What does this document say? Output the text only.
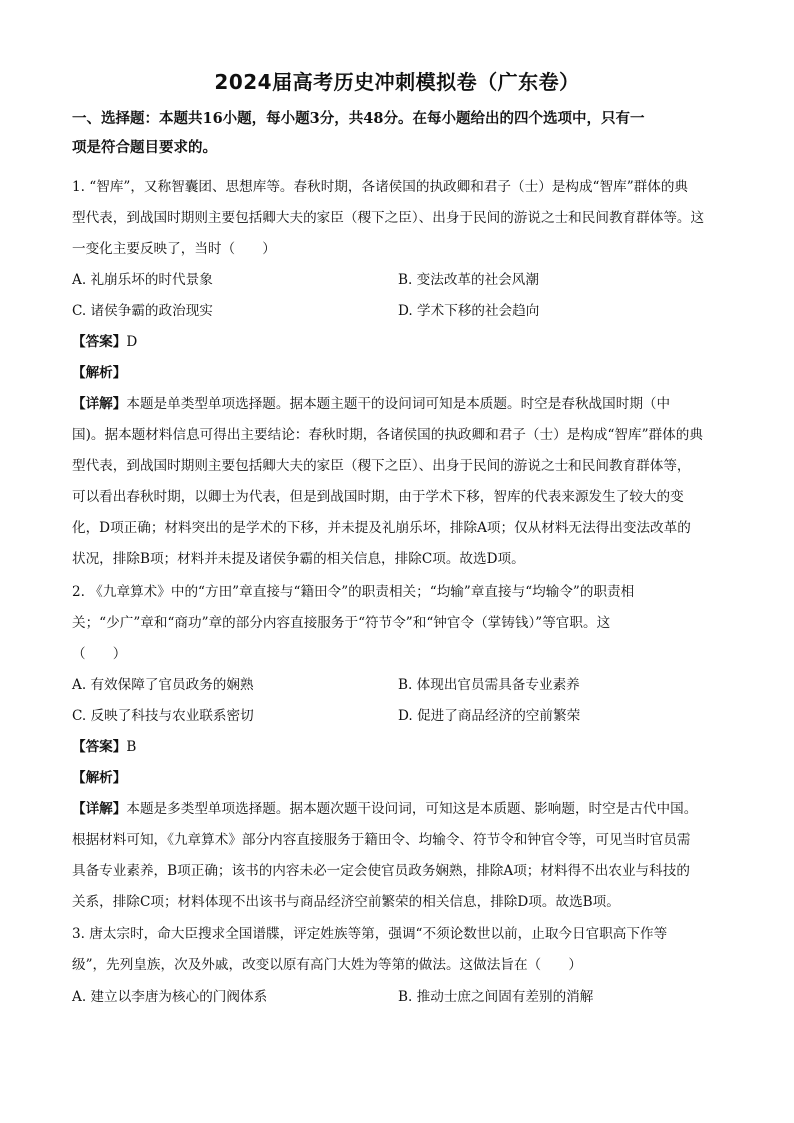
2024届高考历史冲刺模拟卷（广东卷）
一、选择题：本题共16小题，每小题3分，共48分。在每小题给出的四个选项中，只有一
项是符合题目要求的。
1. “智库”，又称智囊团、思想库等。春秋时期，各诸侯国的执政卿和君子（士）是构成“智库”群体的典
型代表，到战国时期则主要包括卿大夫的家臣（稷下之臣）、出身于民间的游说之士和民间教育群体等。这
一变化主要反映了，当时（　　）
A. 礼崩乐坏的时代景象	B. 变法改革的社会风潮
C. 诸侯争霸的政治现实	D. 学术下移的社会趋向
【答案】D
【解析】
【详解】本题是单类型单项选择题。据本题主题干的设问词可知是本质题。时空是春秋战国时期（中
国)。据本题材料信息可得出主要结论：春秋时期，各诸侯国的执政卿和君子（士）是构成“智库”群体的典
型代表，到战国时期则主要包括卿大夫的家臣（稷下之臣）、出身于民间的游说之士和民间教育群体等，
可以看出春秋时期，以卿士为代表，但是到战国时期，由于学术下移，智库的代表来源发生了较大的变
化，D项正确；材料突出的是学术的下移，并未提及礼崩乐坏，排除A项；仅从材料无法得出变法改革的
状况，排除B项；材料并未提及诸侯争霸的相关信息，排除C项。故选D项。
2. 《九章算术》中的“方田”章直接与“籍田令”的职责相关；“均输”章直接与“均输令”的职责相
关；“少广”章和“商功”章的部分内容直接服务于“符节令”和“钟官令（掌铸钱）”等官职。这
（　　）
A. 有效保障了官员政务的娴熟	B. 体现出官员需具备专业素养
C. 反映了科技与农业联系密切	D. 促进了商品经济的空前繁荣
【答案】B
【解析】
【详解】本题是多类型单项选择题。据本题次题干设问词，可知这是本质题、影响题，时空是古代中国。
根据材料可知，《九章算术》部分内容直接服务于籍田令、均输令、符节令和钟官令等，可见当时官员需
具备专业素养，B项正确；该书的内容未必一定会使官员政务娴熟，排除A项；材料得不出农业与科技的
关系，排除C项；材料体现不出该书与商品经济空前繁荣的相关信息，排除D项。故选B项。
3. 唐太宗时，命大臣搜求全国谱牒，评定姓族等第，强调“不须论数世以前，止取今日官职高下作等
级”，先列皇族，次及外戚，改变以原有高门大姓为等第的做法。这做法旨在（　　）
A. 建立以李唐为核心的门阀体系	B. 推动士庶之间固有差别的消解
